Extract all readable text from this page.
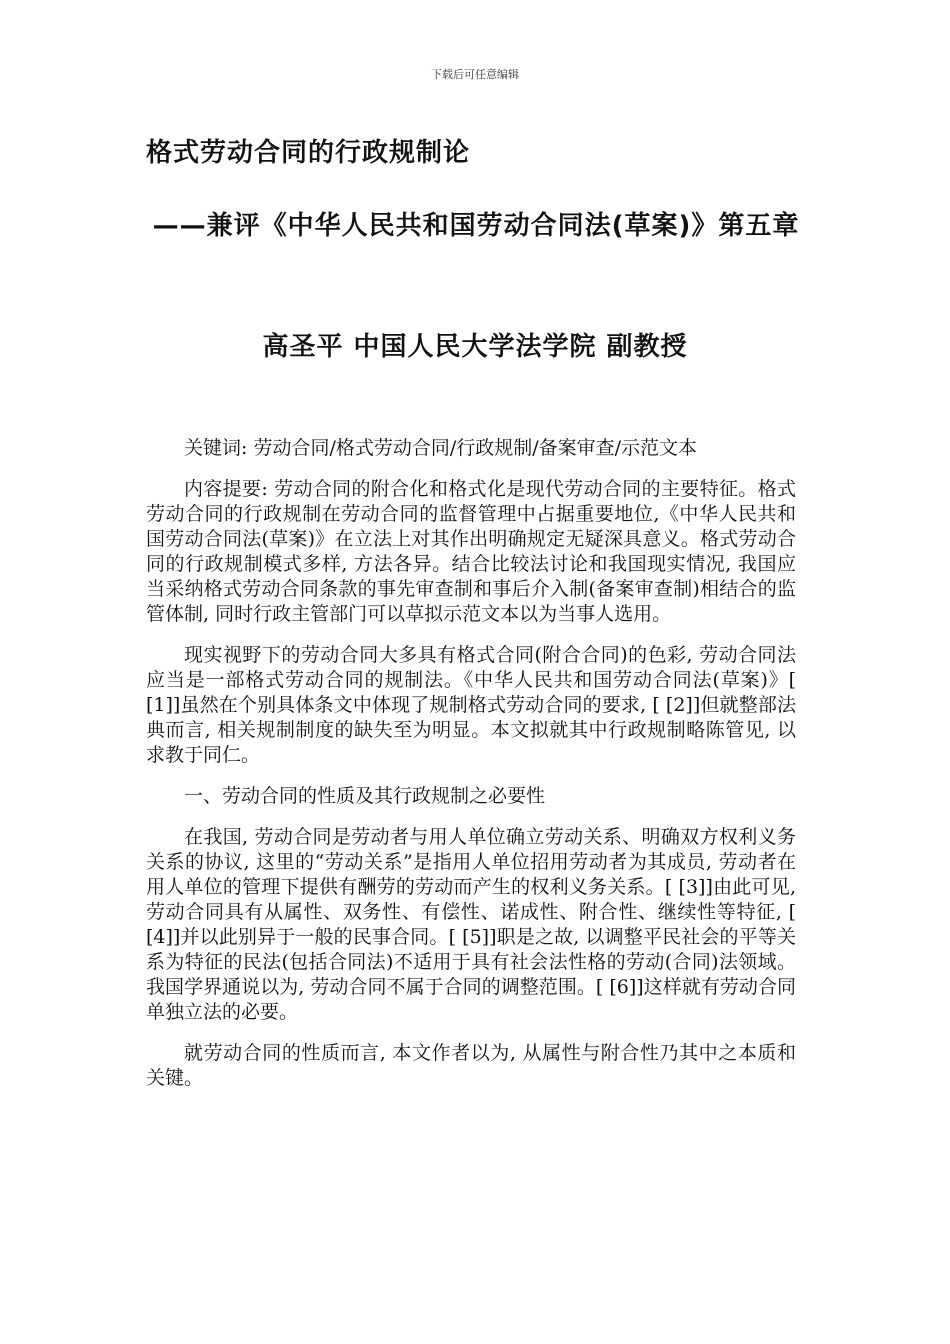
下载后可任意编辑
格式劳动合同的行政规制论
——兼评《中华人民共和国劳动合同法(草案)》第五章
高圣平 中国人民大学法学院 副教授

关键词: 劳动合同/格式劳动合同/行政规制/备案审查/示范文本

内容提要: 劳动合同的附合化和格式化是现代劳动合同的主要特征。格式劳动合同的行政规制在劳动合同的监督管理中占据重要地位,《中华人民共和国劳动合同法(草案)》在立法上对其作出明确规定无疑深具意义。格式劳动合同的行政规制模式多样, 方法各异。结合比较法讨论和我国现实情况, 我国应当采纳格式劳动合同条款的事先审查制和事后介入制(备案审查制)相结合的监管体制, 同时行政主管部门可以草拟示范文本以为当事人选用。

现实视野下的劳动合同大多具有格式合同(附合合同)的色彩, 劳动合同法应当是一部格式劳动合同的规制法。《中华人民共和国劳动合同法(草案)》[ [1]]虽然在个别具体条文中体现了规制格式劳动合同的要求, [ [2]]但就整部法典而言, 相关规制制度的缺失至为明显。本文拟就其中行政规制略陈管见, 以求教于同仁。

一、劳动合同的性质及其行政规制之必要性

在我国, 劳动合同是劳动者与用人单位确立劳动关系、明确双方权利义务关系的协议, 这里的“劳动关系”是指用人单位招用劳动者为其成员, 劳动者在用人单位的管理下提供有酬劳的劳动而产生的权利义务关系。[ [3]]由此可见, 劳动合同具有从属性、双务性、有偿性、诺成性、附合性、继续性等特征, [ [4]]并以此别异于一般的民事合同。[ [5]]职是之故, 以调整平民社会的平等关系为特征的民法(包括合同法)不适用于具有社会法性格的劳动(合同)法领域。我国学界通说以为, 劳动合同不属于合同的调整范围。[ [6]]这样就有劳动合同单独立法的必要。

就劳动合同的性质而言, 本文作者以为, 从属性与附合性乃其中之本质和关键。
